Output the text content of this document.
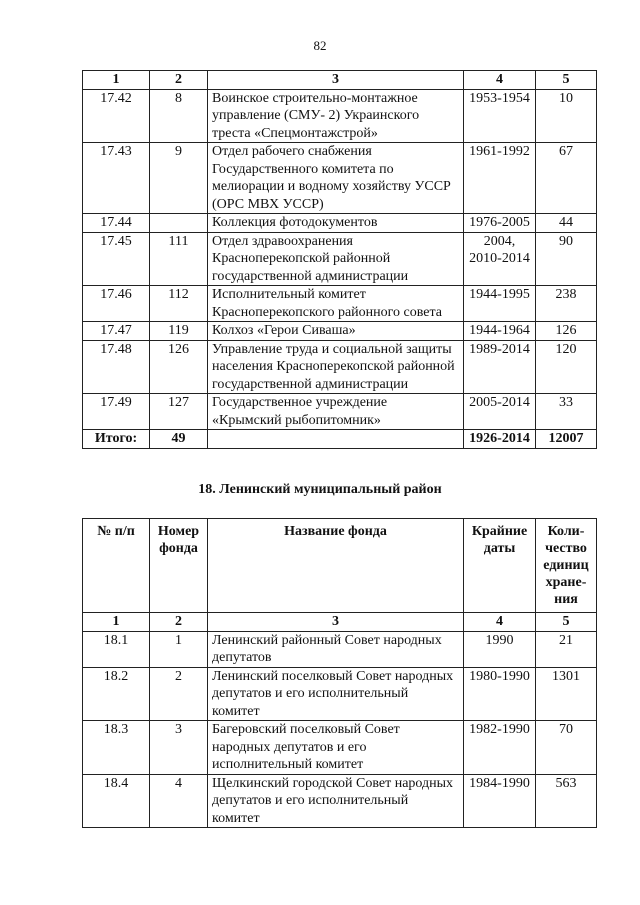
82
1	2	3	4	5
17.42	8	Воинское строительно-монтажное управление (СМУ- 2) Украинского треста «Спецмонтажстрой»	1953-1954	10
17.43	9	Отдел рабочего снабжения Государственного комитета по мелиорации и водному хозяйству УССР (ОРС МВХ УССР)	1961-1992	67
17.44		Коллекция фотодокументов	1976-2005	44
17.45	111	Отдел здравоохранения Красноперекопской районной государственной администрации	2004, 2010-2014	90
17.46	112	Исполнительный комитет Красноперекопского районного совета	1944-1995	238
17.47	119	Колхоз «Герои Сиваша»	1944-1964	126
17.48	126	Управление труда и социальной защиты населения Красноперекопской районной государственной администрации	1989-2014	120
17.49	127	Государственное учреждение «Крымский рыбопитомник»	2005-2014	33
Итого:	49		1926-2014	12007
18. Ленинский муниципальный район
№ п/п	Номер фонда	Название фонда	Крайние даты	Коли-чество единиц хране-ния
1	2	3	4	5
18.1	1	Ленинский районный Совет народных депутатов	1990	21
18.2	2	Ленинский поселковый Совет народных депутатов и его исполнительный комитет	1980-1990	1301
18.3	3	Багеровский поселковый Совет народных депутатов и его исполнительный комитет	1982-1990	70
18.4	4	Щелкинский городской Совет народных депутатов и его исполнительный комитет	1984-1990	563
